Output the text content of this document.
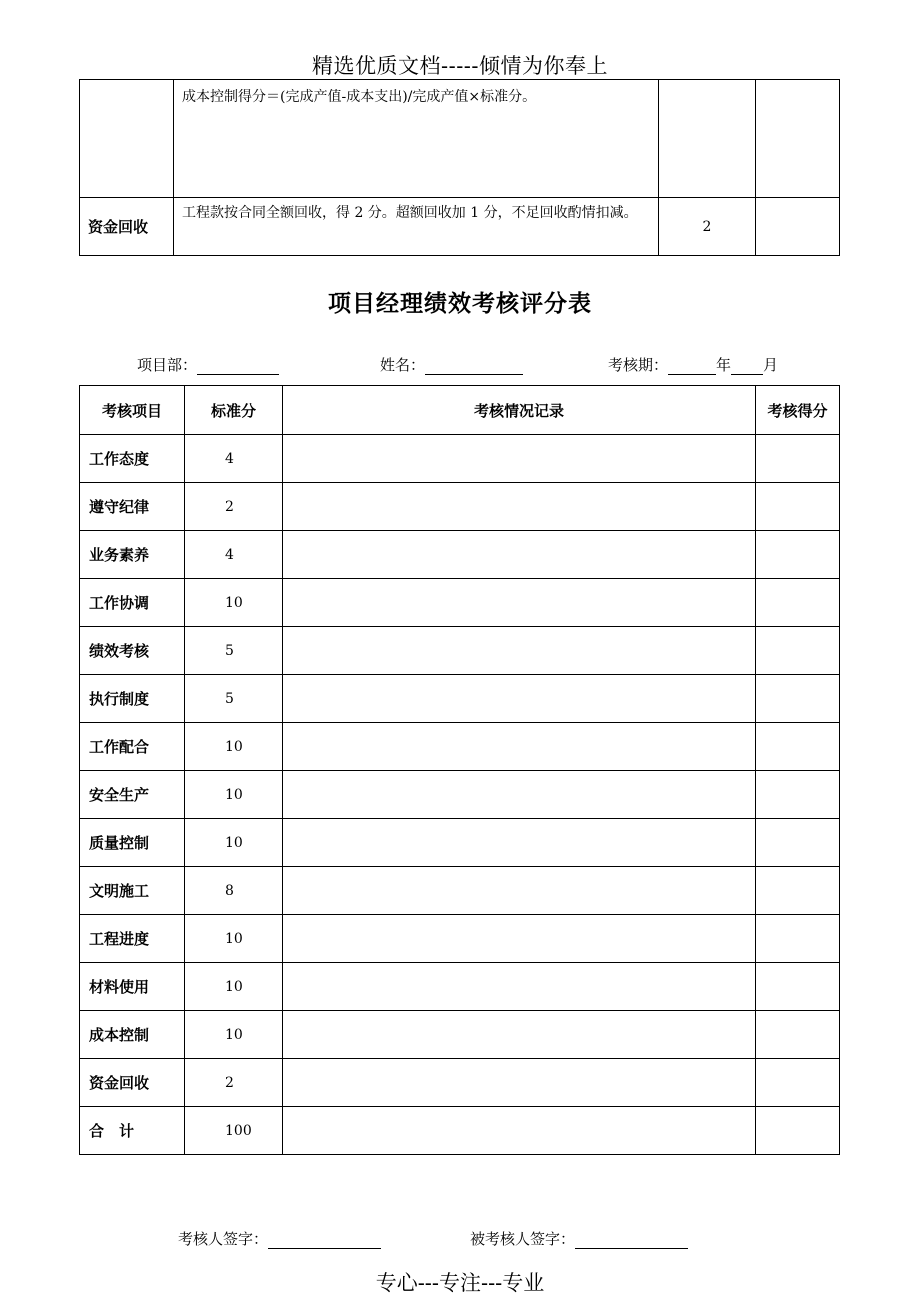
精选优质文档-----倾情为你奉上
	成本控制得分＝(完成产值-成本支出)/完成产值×标准分。		
资金回收	工程款按合同全额回收，得 2 分。超额回收加 1 分，不足回收酌情扣减。	2	
项目经理绩效考核评分表
项目部：	姓名：	考核期：	年 月
考核项目	标准分	考核情况记录	考核得分
工作态度	4		
遵守纪律	2		
业务素养	4		
工作协调	10		
绩效考核	5		
执行制度	5		
工作配合	10		
安全生产	10		
质量控制	10		
文明施工	8		
工程进度	10		
材料使用	10		
成本控制	10		
资金回收	2		
合　计	100		
考核人签字：	被考核人签字：
专心---专注---专业
